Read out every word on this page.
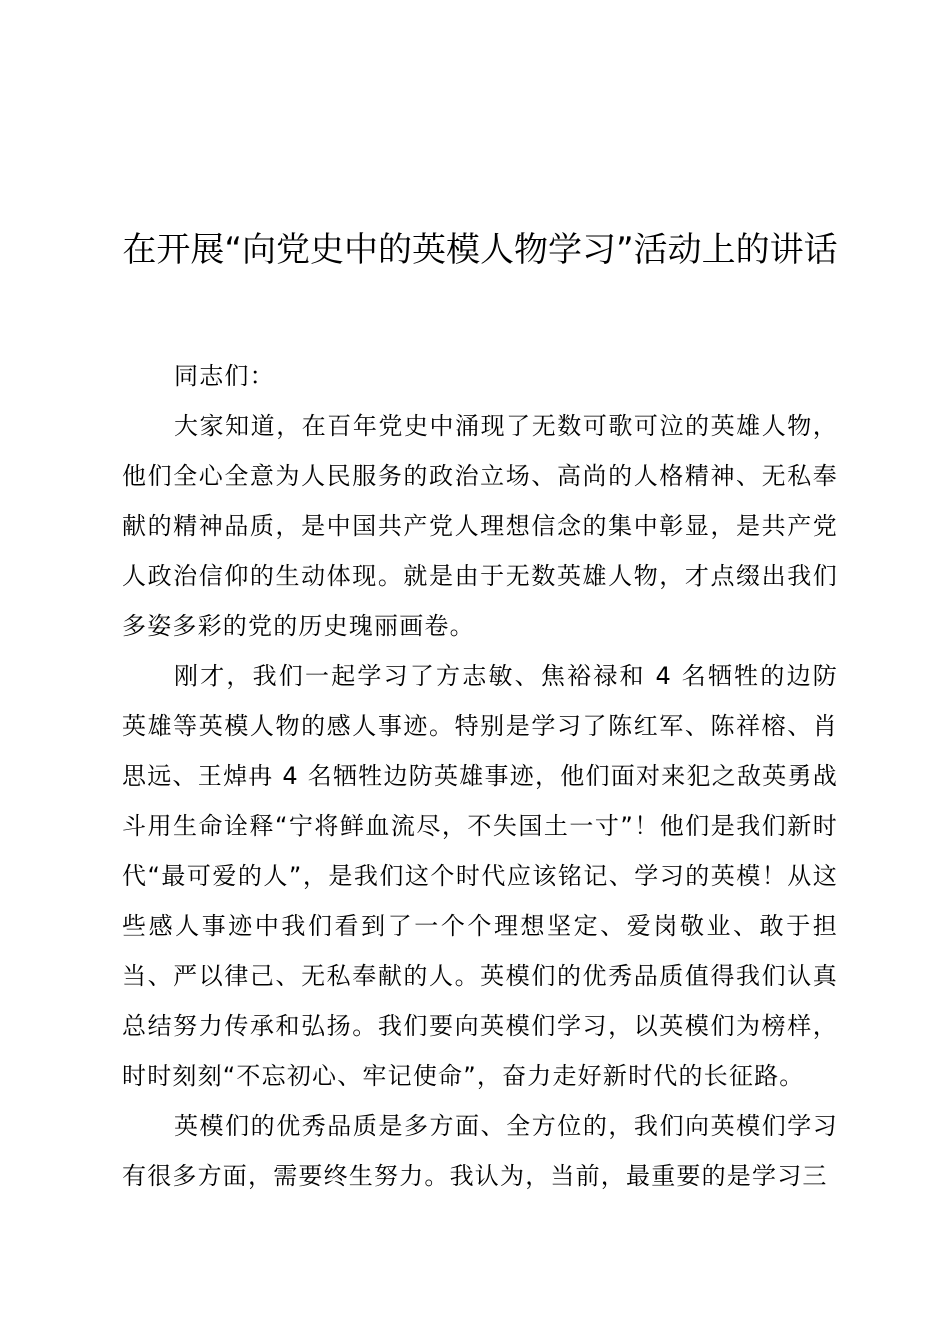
在开展“向党史中的英模人物学习”活动上的讲话

同志们：

大家知道，在百年党史中涌现了无数可歌可泣的英雄人物，他们全心全意为人民服务的政治立场、高尚的人格精神、无私奉献的精神品质，是中国共产党人理想信念的集中彰显，是共产党人政治信仰的生动体现。就是由于无数英雄人物，才点缀出我们多姿多彩的党的历史瑰丽画卷。

刚才，我们一起学习了方志敏、焦裕禄和 4 名牺牲的边防英雄等英模人物的感人事迹。特别是学习了陈红军、陈祥榕、肖思远、王焯冉 4 名牺牲边防英雄事迹，他们面对来犯之敌英勇战斗用生命诠释“宁将鲜血流尽，不失国土一寸”！他们是我们新时代“最可爱的人”，是我们这个时代应该铭记、学习的英模！从这些感人事迹中我们看到了一个个理想坚定、爱岗敬业、敢于担当、严以律己、无私奉献的人。英模们的优秀品质值得我们认真总结努力传承和弘扬。我们要向英模们学习，以英模们为榜样，时时刻刻“不忘初心、牢记使命”，奋力走好新时代的长征路。

英模们的优秀品质是多方面、全方位的，我们向英模们学习有很多方面，需要终生努力。我认为，当前，最重要的是学习三
